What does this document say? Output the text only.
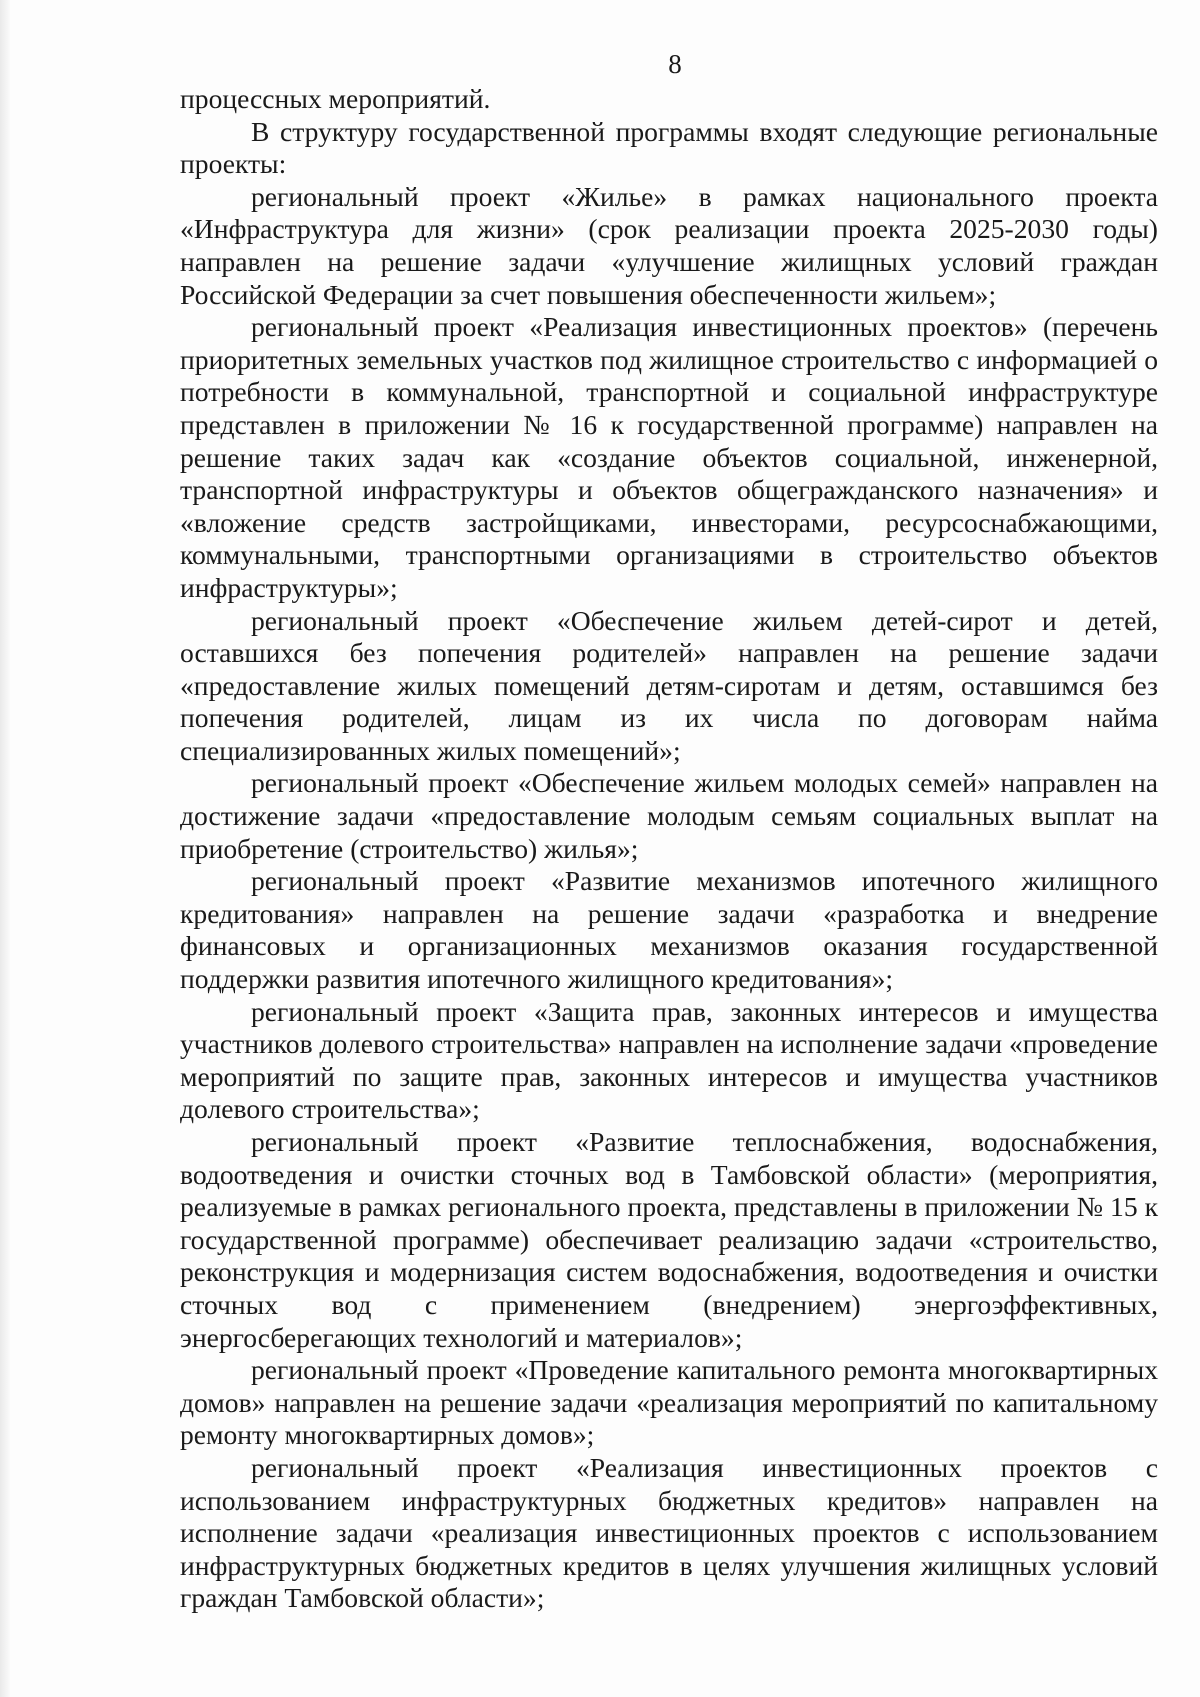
8

процессных мероприятий.

В структуру государственной программы входят следующие региональные проекты:

региональный проект «Жилье» в рамках национального проекта «Инфраструктура для жизни» (срок реализации проекта 2025-2030 годы) направлен на решение задачи «улучшение жилищных условий граждан Российской Федерации за счет повышения обеспеченности жильем»;

региональный проект «Реализация инвестиционных проектов» (перечень приоритетных земельных участков под жилищное строительство с информацией о потребности в коммунальной, транспортной и социальной инфраструктуре представлен в приложении № 16 к государственной программе) направлен на решение таких задач как «создание объектов социальной, инженерной, транспортной инфраструктуры и объектов общегражданского назначения» и «вложение средств застройщиками, инвесторами, ресурсоснабжающими, коммунальными, транспортными организациями в строительство объектов инфраструктуры»;

региональный проект «Обеспечение жильем детей-сирот и детей, оставшихся без попечения родителей» направлен на решение задачи «предоставление жилых помещений детям-сиротам и детям, оставшимся без попечения родителей, лицам из их числа по договорам найма специализированных жилых помещений»;

региональный проект «Обеспечение жильем молодых семей» направлен на достижение задачи «предоставление молодым семьям социальных выплат на приобретение (строительство) жилья»;

региональный проект «Развитие механизмов ипотечного жилищного кредитования» направлен на решение задачи «разработка и внедрение финансовых и организационных механизмов оказания государственной поддержки развития ипотечного жилищного кредитования»;

региональный проект «Защита прав, законных интересов и имущества участников долевого строительства» направлен на исполнение задачи «проведение мероприятий по защите прав, законных интересов и имущества участников долевого строительства»;

региональный проект «Развитие теплоснабжения, водоснабжения, водоотведения и очистки сточных вод в Тамбовской области» (мероприятия, реализуемые в рамках регионального проекта, представлены в приложении № 15 к государственной программе) обеспечивает реализацию задачи «строительство, реконструкция и модернизация систем водоснабжения, водоотведения и очистки сточных вод с применением (внедрением) энергоэффективных, энергосберегающих технологий и материалов»;

региональный проект «Проведение капитального ремонта многоквартирных домов» направлен на решение задачи «реализация мероприятий по капитальному ремонту многоквартирных домов»;

региональный проект «Реализация инвестиционных проектов с использованием инфраструктурных бюджетных кредитов» направлен на исполнение задачи «реализация инвестиционных проектов с использованием инфраструктурных бюджетных кредитов в целях улучшения жилищных условий граждан Тамбовской области»;
